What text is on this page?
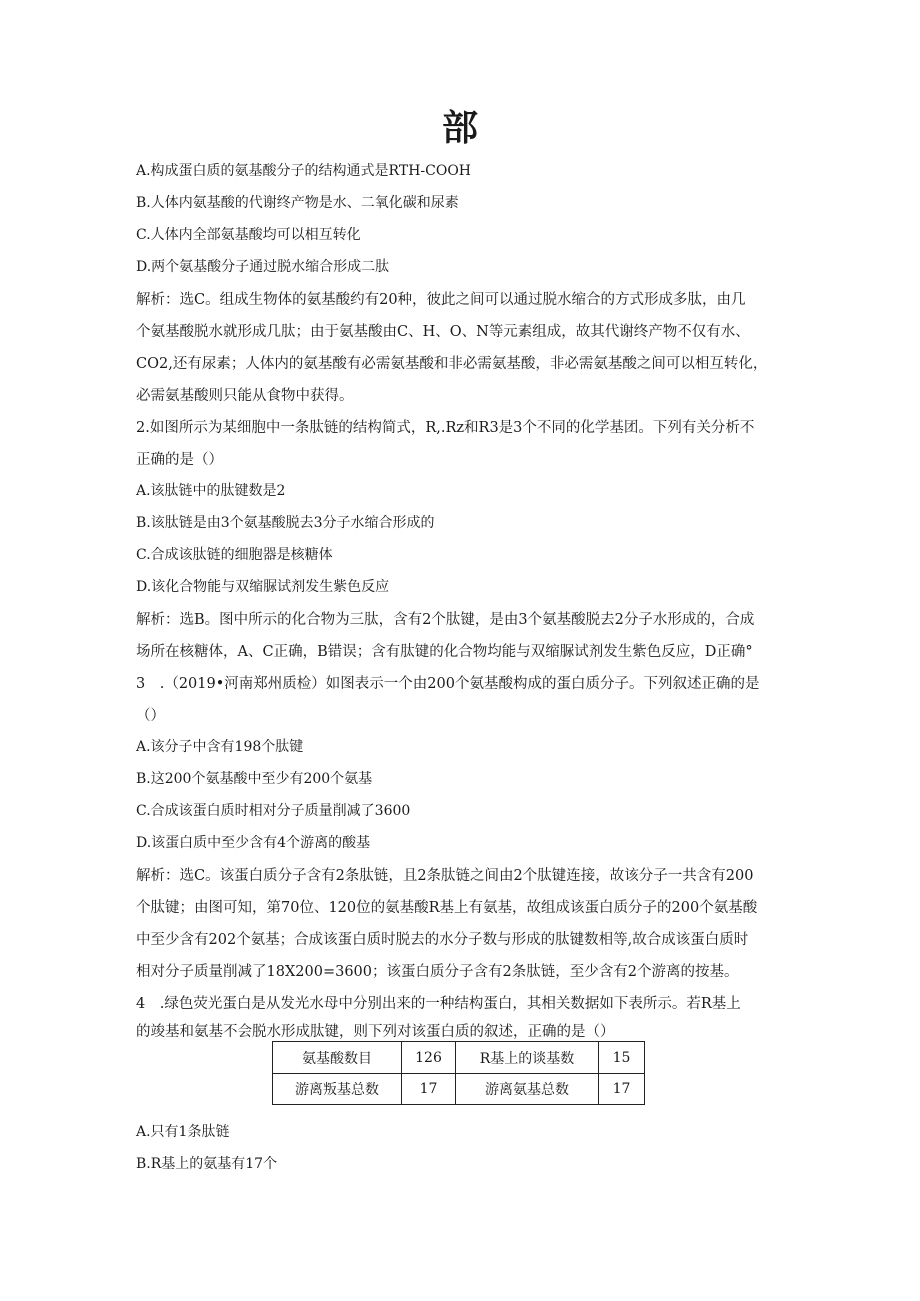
部
A.构成蛋白质的氨基酸分子的结构通式是RTH-COOH
B.人体内氨基酸的代谢终产物是水、二氧化碳和尿素
C.人体内全部氨基酸均可以相互转化
D.两个氨基酸分子通过脱水缩合形成二肽
解析：选C。组成生物体的氨基酸约有20种，彼此之间可以通过脱水缩合的方式形成多肽，由几
个氨基酸脱水就形成几肽；由于氨基酸由C、H、O、N等元素组成，故其代谢终产物不仅有水、
CO2,还有尿素；人体内的氨基酸有必需氨基酸和非必需氨基酸，非必需氨基酸之间可以相互转化，
必需氨基酸则只能从食物中获得。
2.如图所示为某细胞中一条肽链的结构简式，R,.Rz和R3是3个不同的化学基团。下列有关分析不
正确的是（）
A.该肽链中的肽键数是2
B.该肽链是由3个氨基酸脱去3分子水缩合形成的
C.合成该肽链的细胞器是核糖体
D.该化合物能与双缩脲试剂发生紫色反应
解析：选B。图中所示的化合物为三肽，含有2个肽键，是由3个氨基酸脱去2分子水形成的，合成
场所在核糖体，A、C正确，B错误；含有肽键的化合物均能与双缩脲试剂发生紫色反应，D正确°
3　.（2019•河南郑州质检）如图表示一个由200个氨基酸构成的蛋白质分子。下列叙述正确的是
（）
A.该分子中含有198个肽键
B.这200个氨基酸中至少有200个氨基
C.合成该蛋白质时相对分子质量削减了3600
D.该蛋白质中至少含有4个游离的酸基
解析：选C。该蛋白质分子含有2条肽链，且2条肽链之间由2个肽键连接，故该分子一共含有200
个肽键；由图可知，第70位、120位的氨基酸R基上有氨基，故组成该蛋白质分子的200个氨基酸
中至少含有202个氨基；合成该蛋白质时脱去的水分子数与形成的肽键数相等,故合成该蛋白质时
相对分子质量削减了18X200=3600；该蛋白质分子含有2条肽链，至少含有2个游离的按基。
4　.绿色荧光蛋白是从发光水母中分别出来的一种结构蛋白，其相关数据如下表所示。若R基上
的竣基和氨基不会脱水形成肽键，则下列对该蛋白质的叙述，正确的是（）
氨基酸数目	126	R基上的谈基数	15
游离叛基总数	17	游离氨基总数	17
A.只有1条肽链
B.R基上的氨基有17个
